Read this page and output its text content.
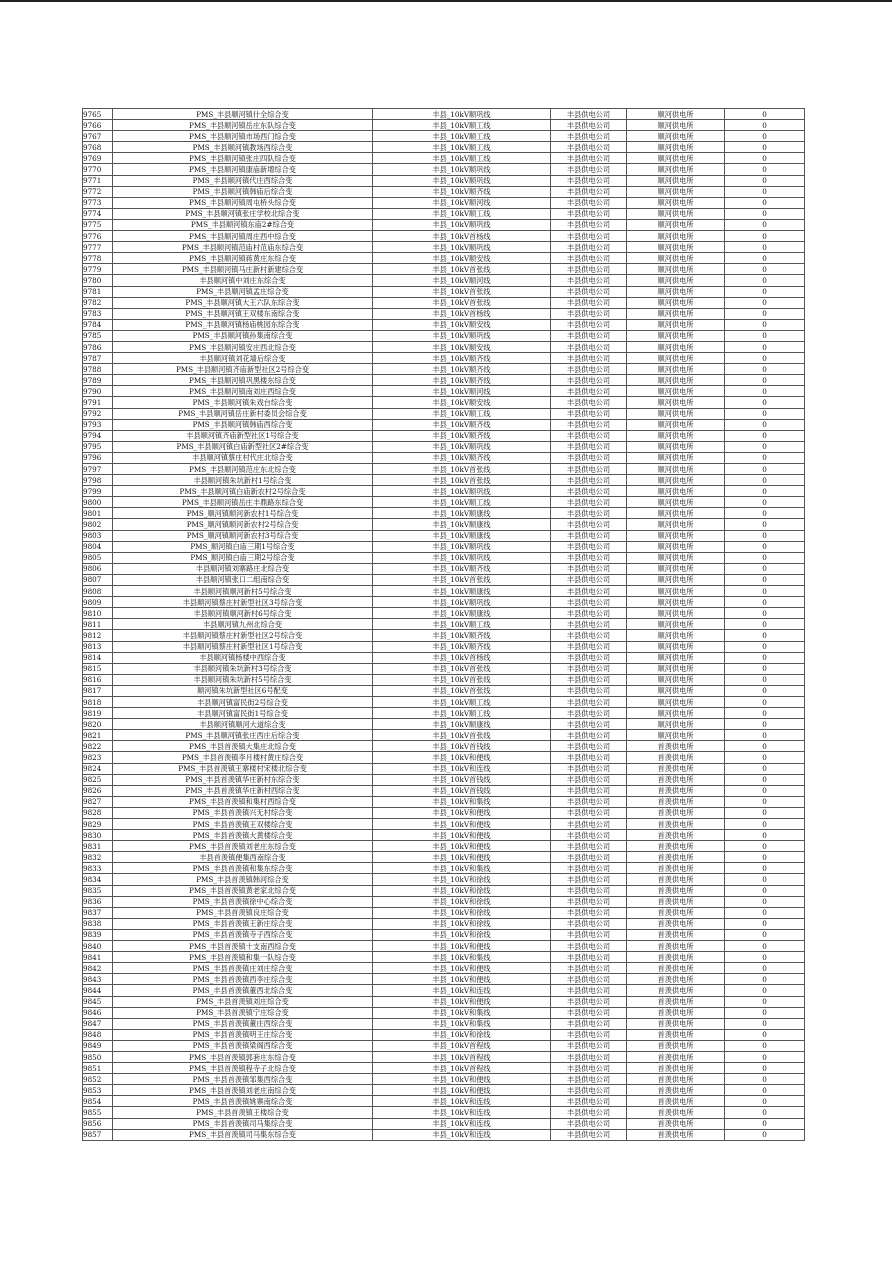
9765	PMS_丰县顺河镇什全综合变	丰县_10kV顺巩线	丰县供电公司	顺河供电所	0
9766	PMS_丰县顺河镇岳庄东队综合变	丰县_10kV顺工线	丰县供电公司	顺河供电所	0
9767	PMS_丰县顺河镇市场西门综合变	丰县_10kV顺工线	丰县供电公司	顺河供电所	0
9768	PMS_丰县顺河镇教场西综合变	丰县_10kV顺工线	丰县供电公司	顺河供电所	0
9769	PMS_丰县顺河镇张庄四队综合变	丰县_10kV顺工线	丰县供电公司	顺河供电所	0
9770	PMS_丰县顺河镇康庙新增综合变	丰县_10kV顺巩线	丰县供电公司	顺河供电所	0
9771	PMS_丰县顺河镇代庄西综合变	丰县_10kV顺巩线	丰县供电公司	顺河供电所	0
9772	PMS_丰县顺河镇韩庙后综合变	丰县_10kV顺齐线	丰县供电公司	顺河供电所	0
9773	PMS_丰县顺河镇周屯桥头综合变	丰县_10kV顺河线	丰县供电公司	顺河供电所	0
9774	PMS_丰县顺河镇张庄学校北综合变	丰县_10kV顺工线	丰县供电公司	顺河供电所	0
9775	PMS_丰县顺河镇东庙2#综合变	丰县_10kV顺巩线	丰县供电公司	顺河供电所	0
9776	PMS_丰县顺河镇周庄西中综合变	丰县_10kV首杨线	丰县供电公司	顺河供电所	0
9777	PMS_丰县顺河镇范庙村范庙东综合变	丰县_10kV顺巩线	丰县供电公司	顺河供电所	0
9778	PMS_丰县顺河镇蒋黄庄东综合变	丰县_10kV顺安线	丰县供电公司	顺河供电所	0
9779	PMS_丰县顺河镇马庄新村新建综合变	丰县_10kV首张线	丰县供电公司	顺河供电所	0
9780	丰县顺河镇中刘庄东综合变	丰县_10kV顺河线	丰县供电公司	顺河供电所	0
9781	PMS_丰县顺河镇孟庄综合变	丰县_10kV首张线	丰县供电公司	顺河供电所	0
9782	PMS_丰县顺河镇大王六队东综合变	丰县_10kV首张线	丰县供电公司	顺河供电所	0
9783	PMS_丰县顺河镇王双楼东南综合变	丰县_10kV首杨线	丰县供电公司	顺河供电所	0
9784	PMS_丰县顺河镇杨庙桃园东综合变	丰县_10kV顺安线	丰县供电公司	顺河供电所	0
9785	PMS_丰县顺河镇孙集南综合变	丰县_10kV顺巩线	丰县供电公司	顺河供电所	0
9786	PMS_丰县顺河镇安庄西北综合变	丰县_10kV顺安线	丰县供电公司	顺河供电所	0
9787	丰县顺河镇刘花墙后综合变	丰县_10kV顺齐线	丰县供电公司	顺河供电所	0
9788	PMS_丰县顺河镇齐庙新型社区2号综合变	丰县_10kV顺齐线	丰县供电公司	顺河供电所	0
9789	PMS_丰县顺河镇巩黑楼东综合变	丰县_10kV顺齐线	丰县供电公司	顺河供电所	0
9790	PMS_丰县顺河镇南刘庄西综合变	丰县_10kV顺河线	丰县供电公司	顺河供电所	0
9791	PMS_丰县顺河镇朱戏台综合变	丰县_10kV顺安线	丰县供电公司	顺河供电所	0
9792	PMS_丰县顺河镇岳庄新村委员会综合变	丰县_10kV顺工线	丰县供电公司	顺河供电所	0
9793	PMS_丰县顺河镇韩庙西综合变	丰县_10kV顺齐线	丰县供电公司	顺河供电所	0
9794	丰县顺河镇齐庙新型社区1号综合变	丰县_10kV顺齐线	丰县供电公司	顺河供电所	0
9795	PMS_丰县顺河镇白庙新型社区2#综合变	丰县_10kV顺巩线	丰县供电公司	顺河供电所	0
9796	丰县顺河镇蔡庄村代庄北综合变	丰县_10kV顺齐线	丰县供电公司	顺河供电所	0
9797	PMS_丰县顺河镇范庄东北综合变	丰县_10kV首张线	丰县供电公司	顺河供电所	0
9798	丰县顺河镇朱坑新村1号综合变	丰县_10kV首张线	丰县供电公司	顺河供电所	0
9799	PMS_丰县顺河镇白庙新农村2号综合变	丰县_10kV顺巩线	丰县供电公司	顺河供电所	0
9800	PMS_丰县顺河镇岳庄丰鼎路东综合变	丰县_10kV顺工线	丰县供电公司	顺河供电所	0
9801	PMS_顺河镇顺河新农村1号综合变	丰县_10kV顺康线	丰县供电公司	顺河供电所	0
9802	PMS_顺河镇顺河新农村2号综合变	丰县_10kV顺康线	丰县供电公司	顺河供电所	0
9803	PMS_顺河镇顺河新农村3号综合变	丰县_10kV顺康线	丰县供电公司	顺河供电所	0
9804	PMS_顺河镇白庙三期1号综合变	丰县_10kV顺巩线	丰县供电公司	顺河供电所	0
9805	PMS_顺河镇白庙三期2号综合变	丰县_10kV顺巩线	丰县供电公司	顺河供电所	0
9806	丰县顺河镇刘寨路庄北综合变	丰县_10kV顺齐线	丰县供电公司	顺河供电所	0
9807	丰县顺河镇张口二组南综合变	丰县_10kV首张线	丰县供电公司	顺河供电所	0
9808	丰县顺河镇顺河新村5号综合变	丰县_10kV顺康线	丰县供电公司	顺河供电所	0
9809	丰县顺河镇蔡庄村新型社区3号综合变	丰县_10kV顺巩线	丰县供电公司	顺河供电所	0
9810	丰县顺河镇顺河新村6号综合变	丰县_10kV顺康线	丰县供电公司	顺河供电所	0
9811	丰县顺河镇九州北综合变	丰县_10kV顺工线	丰县供电公司	顺河供电所	0
9812	丰县顺河镇蔡庄村新型社区2号综合变	丰县_10kV顺齐线	丰县供电公司	顺河供电所	0
9813	丰县顺河镇蔡庄村新型社区1号综合变	丰县_10kV顺齐线	丰县供电公司	顺河供电所	0
9814	丰县顺河镇杨楼中西综合变	丰县_10kV首杨线	丰县供电公司	顺河供电所	0
9815	丰县顺河镇朱坑新村3号综合变	丰县_10kV首张线	丰县供电公司	顺河供电所	0
9816	丰县顺河镇朱坑新村5号综合变	丰县_10kV首张线	丰县供电公司	顺河供电所	0
9817	顺河镇朱坑新型社区6号配变	丰县_10kV首张线	丰县供电公司	顺河供电所	0
9818	丰县顺河镇富民街2号综合变	丰县_10kV顺工线	丰县供电公司	顺河供电所	0
9819	丰县顺河镇富民街1号综合变	丰县_10kV顺工线	丰县供电公司	顺河供电所	0
9820	丰县顺河镇顺河大道综合变	丰县_10kV顺康线	丰县供电公司	顺河供电所	0
9821	PMS_丰县顺河镇张庄西庄后综合变	丰县_10kV首张线	丰县供电公司	顺河供电所	0
9822	PMS_丰县首羡镇大集庄北综合变	丰县_10kV首钱线	丰县供电公司	首羡供电所	0
9823	PMS_丰县首羡镇李月楼村黄庄综合变	丰县_10kV和便线	丰县供电公司	首羡供电所	0
9824	PMS_丰县首羡镇王寨楼村宋楼北综合变	丰县_10kV和连线	丰县供电公司	首羡供电所	0
9825	PMS_丰县首羡镇华庄新村东综合变	丰县_10kV首钱线	丰县供电公司	首羡供电所	0
9826	PMS_丰县首羡镇华庄新村西综合变	丰县_10kV首钱线	丰县供电公司	首羡供电所	0
9827	PMS_丰县首羡镇和集村西综合变	丰县_10kV和集线	丰县供电公司	首羡供电所	0
9828	PMS_丰县首羡镇兴无村综合变	丰县_10kV和便线	丰县供电公司	首羡供电所	0
9829	PMS_丰县首羡镇王双楼综合变	丰县_10kV和便线	丰县供电公司	首羡供电所	0
9830	PMS_丰县首羡镇大黄楼综合变	丰县_10kV和便线	丰县供电公司	首羡供电所	0
9831	PMS_丰县首羡镇刘老庄东综合变	丰县_10kV和便线	丰县供电公司	首羡供电所	0
9832	丰县首羡镇便集西南综合变	丰县_10kV和便线	丰县供电公司	首羡供电所	0
9833	PMS_丰县首羡镇和集东综合变	丰县_10kV和集线	丰县供电公司	首羡供电所	0
9834	PMS_丰县首羡镇韩河综合变	丰县_10kV和徐线	丰县供电公司	首羡供电所	0
9835	PMS_丰县首羡镇黄老家北综合变	丰县_10kV和徐线	丰县供电公司	首羡供电所	0
9836	PMS_丰县首羡镇徐中心综合变	丰县_10kV和徐线	丰县供电公司	首羡供电所	0
9837	PMS_丰县首羡镇良庄综合变	丰县_10kV和徐线	丰县供电公司	首羡供电所	0
9838	PMS_丰县首羡镇王新庄综合变	丰县_10kV和徐线	丰县供电公司	首羡供电所	0
9839	PMS_丰县首羡镇寺子西综合变	丰县_10kV和徐线	丰县供电公司	首羡供电所	0
9840	PMS_丰县首羡镇十支南西综合变	丰县_10kV和便线	丰县供电公司	首羡供电所	0
9841	PMS_丰县首羡镇和集一队综合变	丰县_10kV和集线	丰县供电公司	首羡供电所	0
9842	PMS_丰县首羡镇庄刘庄综合变	丰县_10kV和便线	丰县供电公司	首羡供电所	0
9843	PMS_丰县首羡镇西李庄综合变	丰县_10kV和便线	丰县供电公司	首羡供电所	0
9844	PMS_丰县首羡镇董西北综合变	丰县_10kV和连线	丰县供电公司	首羡供电所	0
9845	PMS_丰县首羡镇刘庄综合变	丰县_10kV和便线	丰县供电公司	首羡供电所	0
9846	PMS_丰县首羡镇宁庄综合变	丰县_10kV和集线	丰县供电公司	首羡供电所	0
9847	PMS_丰县首羡镇董庄西综合变	丰县_10kV和集线	丰县供电公司	首羡供电所	0
9848	PMS_丰县首羡镇明王庄综合变	丰县_10kV和徐线	丰县供电公司	首羡供电所	0
9849	PMS_丰县首羡镇梁阁西综合变	丰县_10kV首程线	丰县供电公司	首羡供电所	0
9850	PMS_丰县首羡镇郭套庄东综合变	丰县_10kV首程线	丰县供电公司	首羡供电所	0
9851	PMS_丰县首羡镇程寺子北综合变	丰县_10kV首程线	丰县供电公司	首羡供电所	0
9852	PMS_丰县首羡镇邹集西综合变	丰县_10kV和便线	丰县供电公司	首羡供电所	0
9853	PMS_丰县首羡镇刘老庄南综合变	丰县_10kV和便线	丰县供电公司	首羡供电所	0
9854	PMS_丰县首羡镇姚寨南综合变	丰县_10kV和连线	丰县供电公司	首羡供电所	0
9855	PMS_丰县首羡镇王楼综合变	丰县_10kV和连线	丰县供电公司	首羡供电所	0
9856	PMS_丰县首羡镇司马集综合变	丰县_10kV和连线	丰县供电公司	首羡供电所	0
9857	PMS_丰县首羡镇司马集东综合变	丰县_10kV和连线	丰县供电公司	首羡供电所	0
